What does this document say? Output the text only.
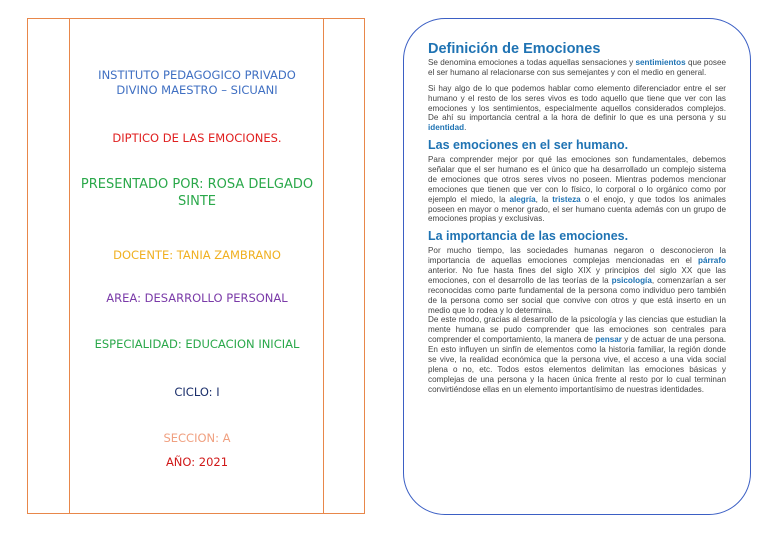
INSTITUTO PEDAGOGICO PRIVADO DIVINO MAESTRO – SICUANI
DIPTICO DE LAS EMOCIONES.
PRESENTADO POR: ROSA DELGADO SINTE
DOCENTE: TANIA ZAMBRANO
AREA: DESARROLLO PERSONAL
ESPECIALIDAD: EDUCACION INICIAL
CICLO: I
SECCION: A
AÑO: 2021
Definición de Emociones

Se denomina emociones a todas aquellas sensaciones y sentimientos que posee el ser humano al relacionarse con sus semejantes y con el medio en general.

Si hay algo de lo que podemos hablar como elemento diferenciador entre el ser humano y el resto de los seres vivos es todo aquello que tiene que ver con las emociones y los sentimientos, especialmente aquellos considerados complejos. De ahí su importancia central a la hora de definir lo que es una persona y su identidad.

Las emociones en el ser humano.

Para comprender mejor por qué las emociones son fundamentales, debemos señalar que el ser humano es el único que ha desarrollado un complejo sistema de emociones que otros seres vivos no poseen. Mientras podemos mencionar emociones que tienen que ver con lo físico, lo corporal o lo orgánico como por ejemplo el miedo, la alegría, la tristeza o el enojo, y que todos los animales poseen en mayor o menor grado, el ser humano cuenta además con un grupo de emociones propias y exclusivas.

La importancia de las emociones.

Por mucho tiempo, las sociedades humanas negaron o desconocieron la importancia de aquellas emociones complejas mencionadas en el párrafo anterior. No fue hasta fines del siglo XIX y principios del siglo XX que las emociones, con el desarrollo de las teorías de la psicología, comenzarían a ser reconocidas como parte fundamental de la persona como individuo pero también de la persona como ser social que convive con otros y que está inserto en un medio que lo rodea y lo determina.

De este modo, gracias al desarrollo de la psicología y las ciencias que estudian la mente humana se pudo comprender que las emociones son centrales para comprender el comportamiento, la manera de pensar y de actuar de una persona. En esto influyen un sinfín de elementos como la historia familiar, la región donde se vive, la realidad económica que la persona vive, el acceso a una vida social plena o no, etc. Todos estos elementos delimitan las emociones básicas y complejas de una persona y la hacen única frente al resto por lo cual terminan convirtiéndose ellas en un elemento importantísimo de nuestras identidades.
